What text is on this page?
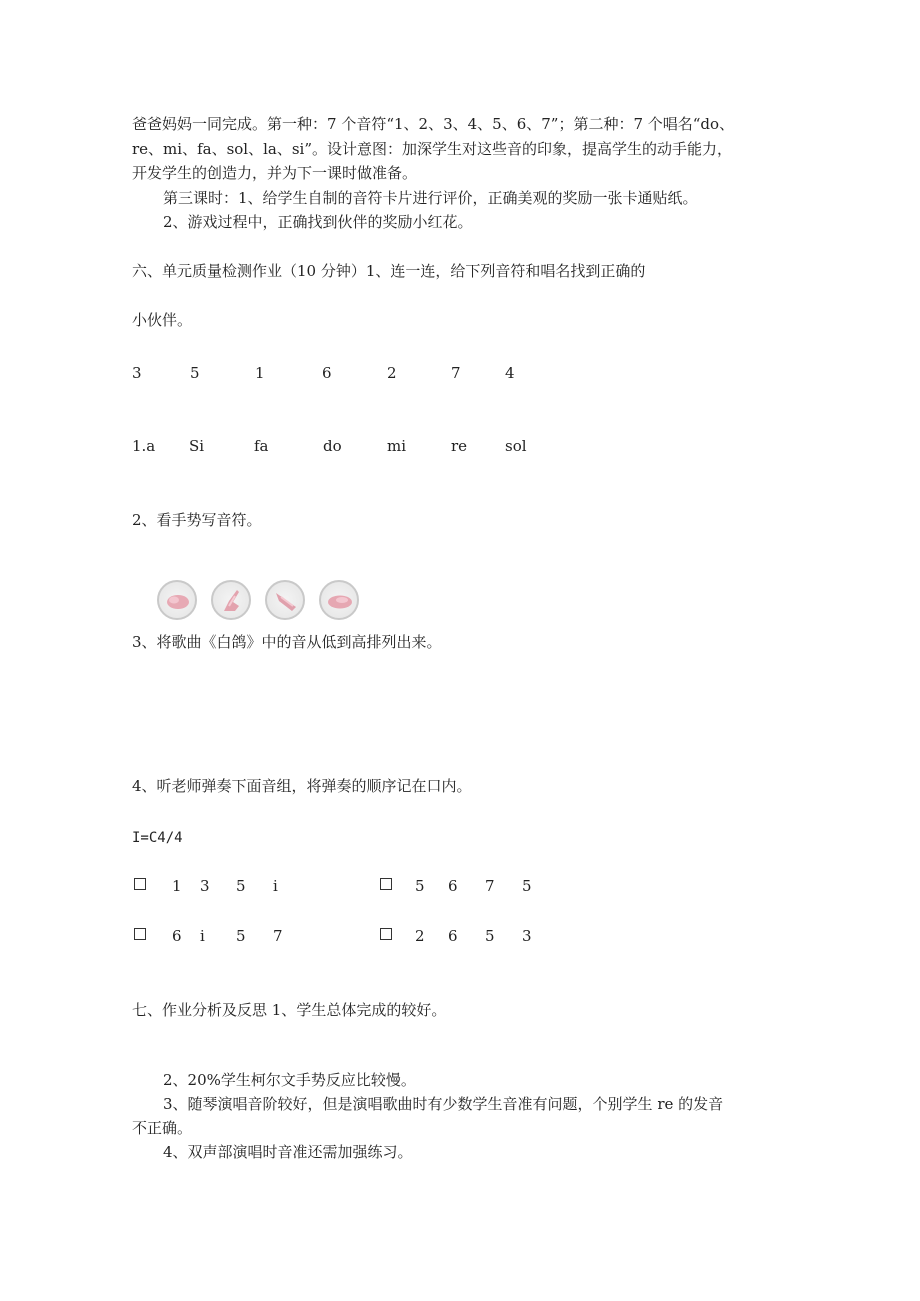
爸爸妈妈一同完成。第一种：7 个音符“1、2、3、4、5、6、7”；第二种：7 个唱名“do、
re、mi、fa、sol、la、si”。设计意图：加深学生对这些音的印象，提高学生的动手能力，
开发学生的创造力，并为下一课时做准备。
第三课时：1、给学生自制的音符卡片进行评价，正确美观的奖励一张卡通贴纸。
2、游戏过程中，正确找到伙伴的奖励小红花。
六、单元质量检测作业（10 分钟）1、连一连，给下列音符和唱名找到正确的
小伙伴。
3	5	1	6	2	7	4
1.a Si	fa	do	mi	re	sol
2、看手势写音符。
3、将歌曲《白鸽》中的音从低到高排列出来。
4、听老师弹奏下面音组，将弹奏的顺序记在口内。
I=C4/4
1 3 5 i	5 6 7 5
6 i 5 7	2 6 5 3
七、作业分析及反思 1、学生总体完成的较好。
2、20%学生柯尔文手势反应比较慢。
3、随琴演唱音阶较好，但是演唱歌曲时有少数学生音准有问题，个别学生 re 的发音
不正确。
4、双声部演唱时音准还需加强练习。
